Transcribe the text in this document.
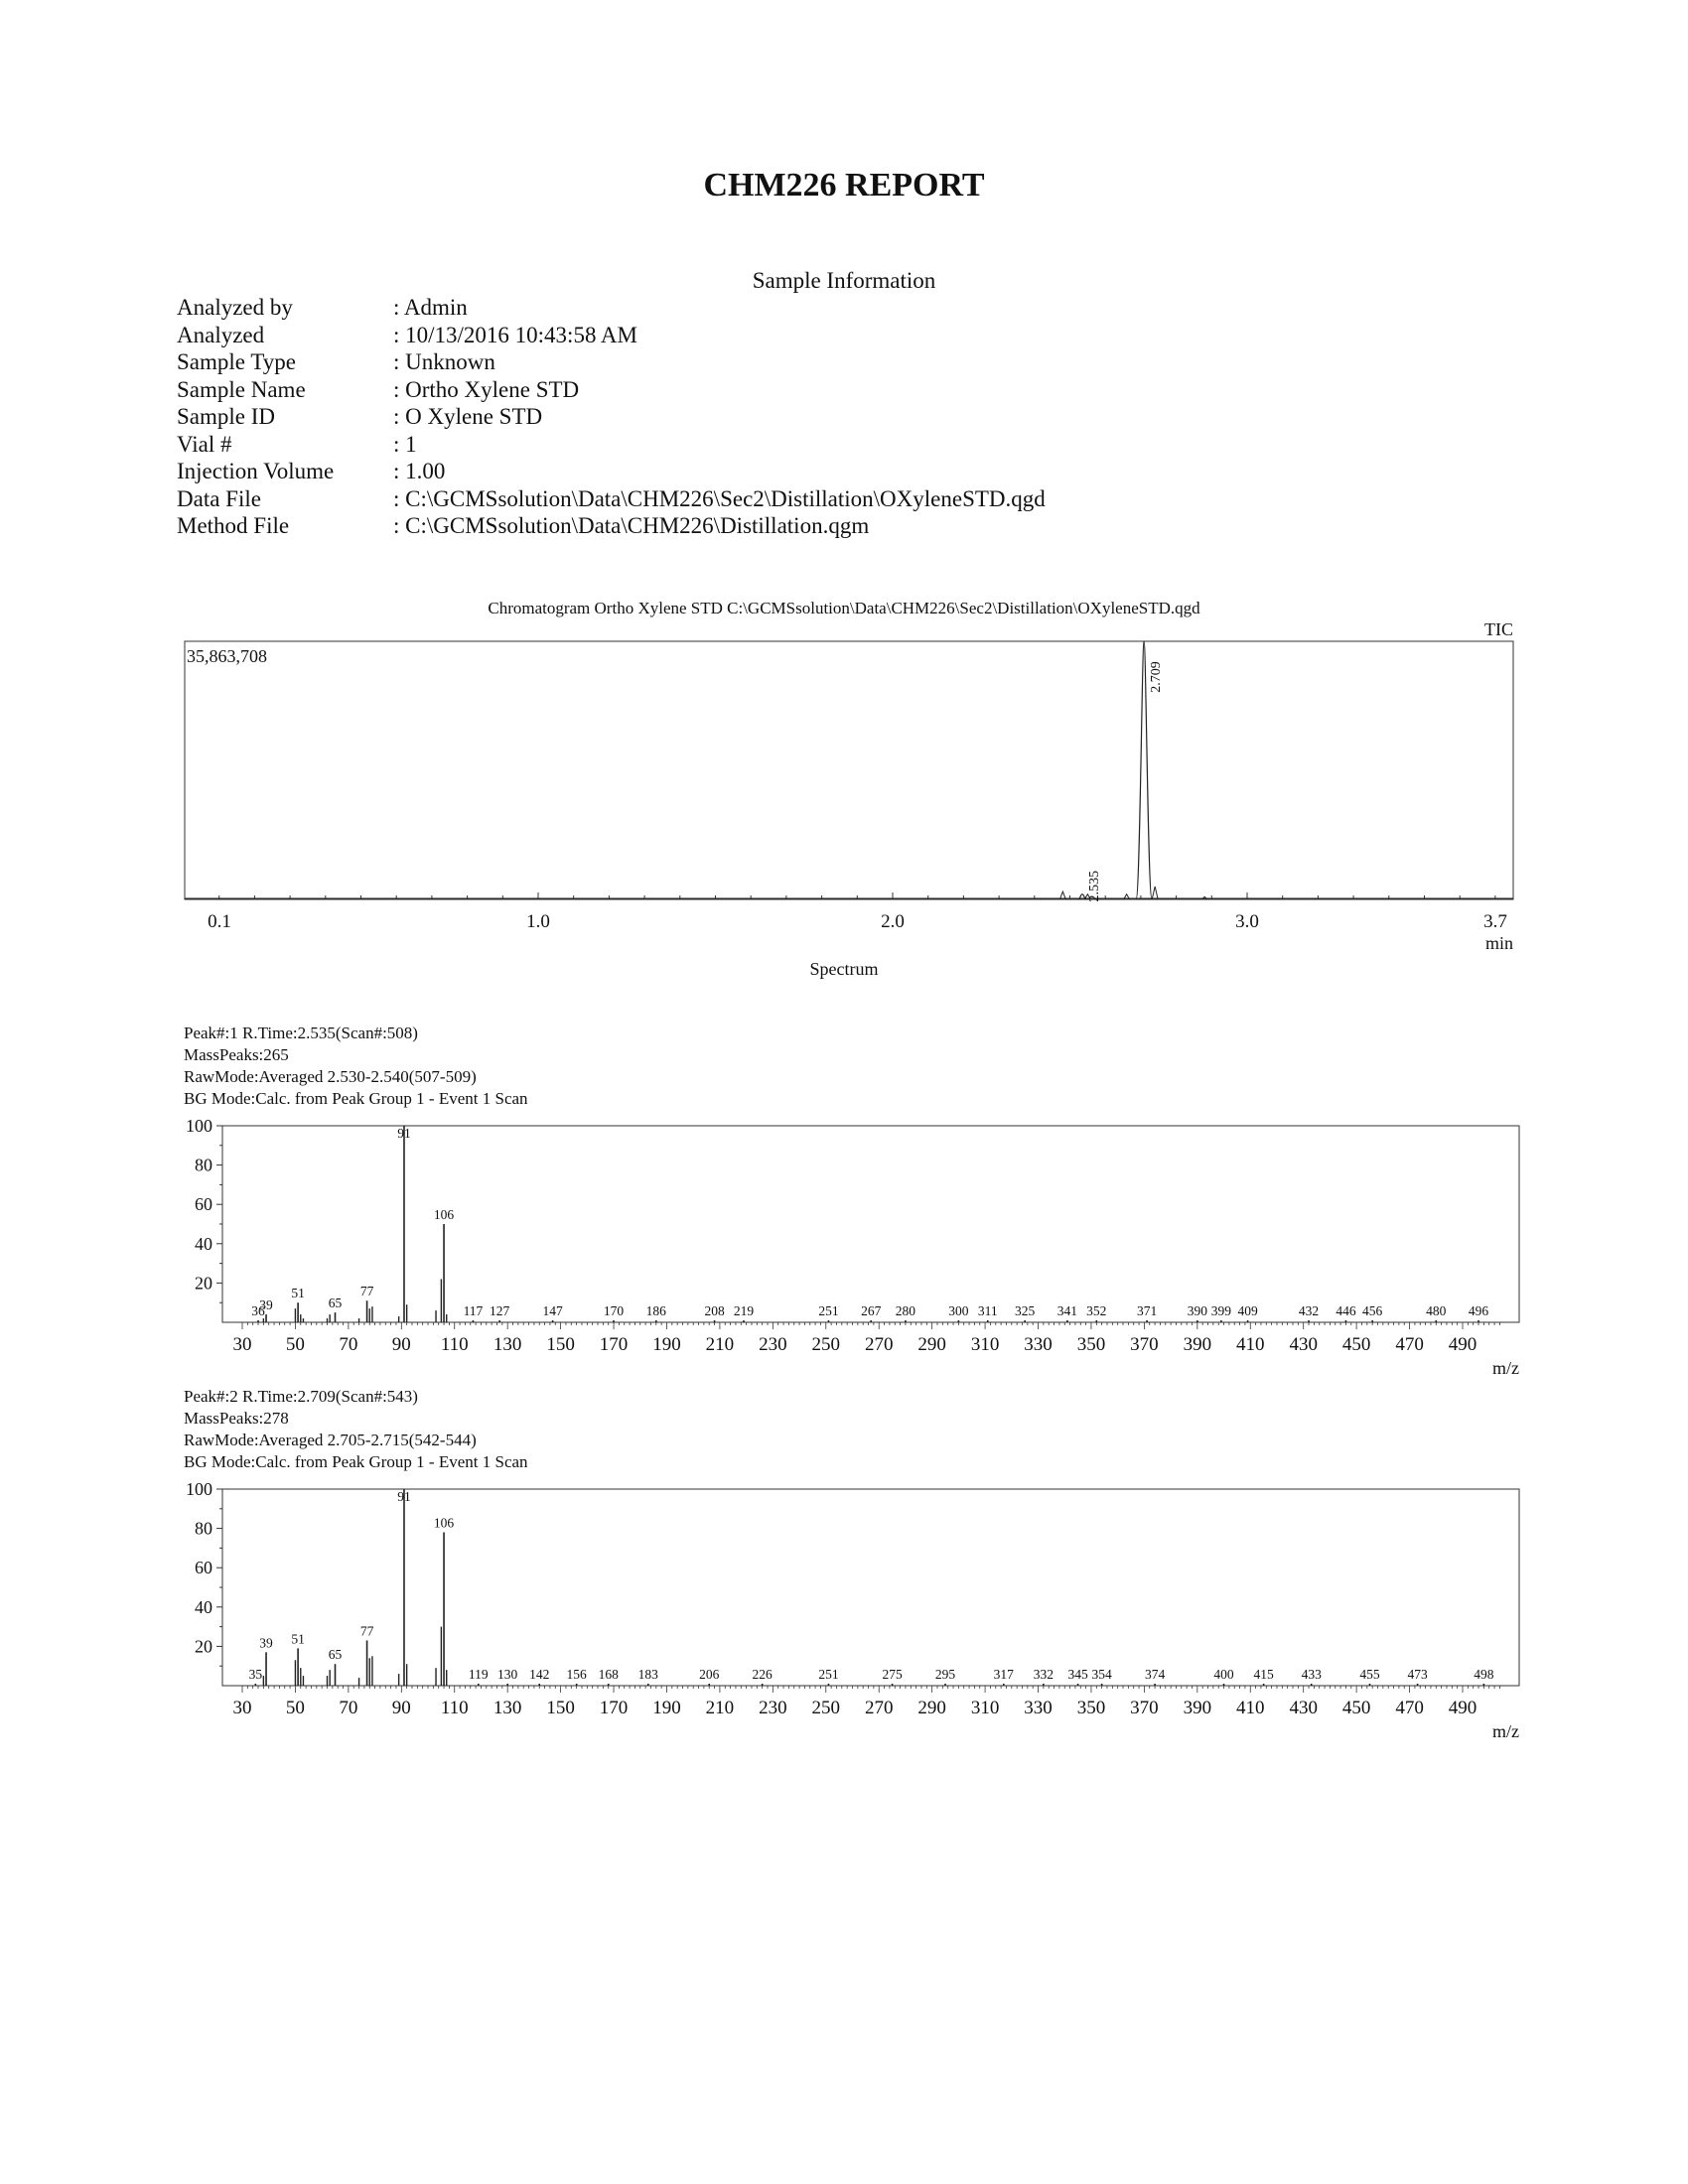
CHM226 REPORT
Sample Information
Analyzed by	: Admin
Analyzed	: 10/13/2016 10:43:58 AM
Sample Type	: Unknown
Sample Name	: Ortho Xylene STD
Sample ID	: O Xylene STD
Vial #	: 1
Injection Volume	: 1.00
Data File	: C:\GCMSsolution\Data\CHM226\Sec2\Distillation\OXyleneSTD.qgd
Method File	: C:\GCMSsolution\Data\CHM226\Distillation.qgm
Chromatogram Ortho Xylene STD C:\GCMSsolution\Data\CHM226\Sec2\Distillation\OXyleneSTD.qgd
TIC
35,863,708
0.1	1.0	2.0	3.0	3.7
min
2.535
2.709
Spectrum
Peak#:1 R.Time:2.535(Scan#:508)
MassPeaks:265
RawMode:Averaged 2.530-2.540(507-509)
BG Mode:Calc. from Peak Group 1 - Event 1 Scan
20
40
60
80
100
30 50 70 90 110 130 150 170 190 210 230 250 270 290 310 330 350 370 390 410 430 450 470 490
m/z
36
39
51
65
77
91
106
117 127 147	170 186	208 219	251 267 280 300 311 325 341 352 371 390 399 409	432 446 456	480 496
Peak#:2 R.Time:2.709(Scan#:543)
MassPeaks:278
RawMode:Averaged 2.705-2.715(542-544)
BG Mode:Calc. from Peak Group 1 - Event 1 Scan
20
40
60
80
100
30 50 70 90 110 130 150 170 190 210 230 250 270 290 310 330 350 370 390 410 430 450 470 490
m/z
35
39 51
65
77
91
106
119 130 142 156 168 183	206 226	251	275 295	317 332 345 354 374	400 415 433	455 473	498
